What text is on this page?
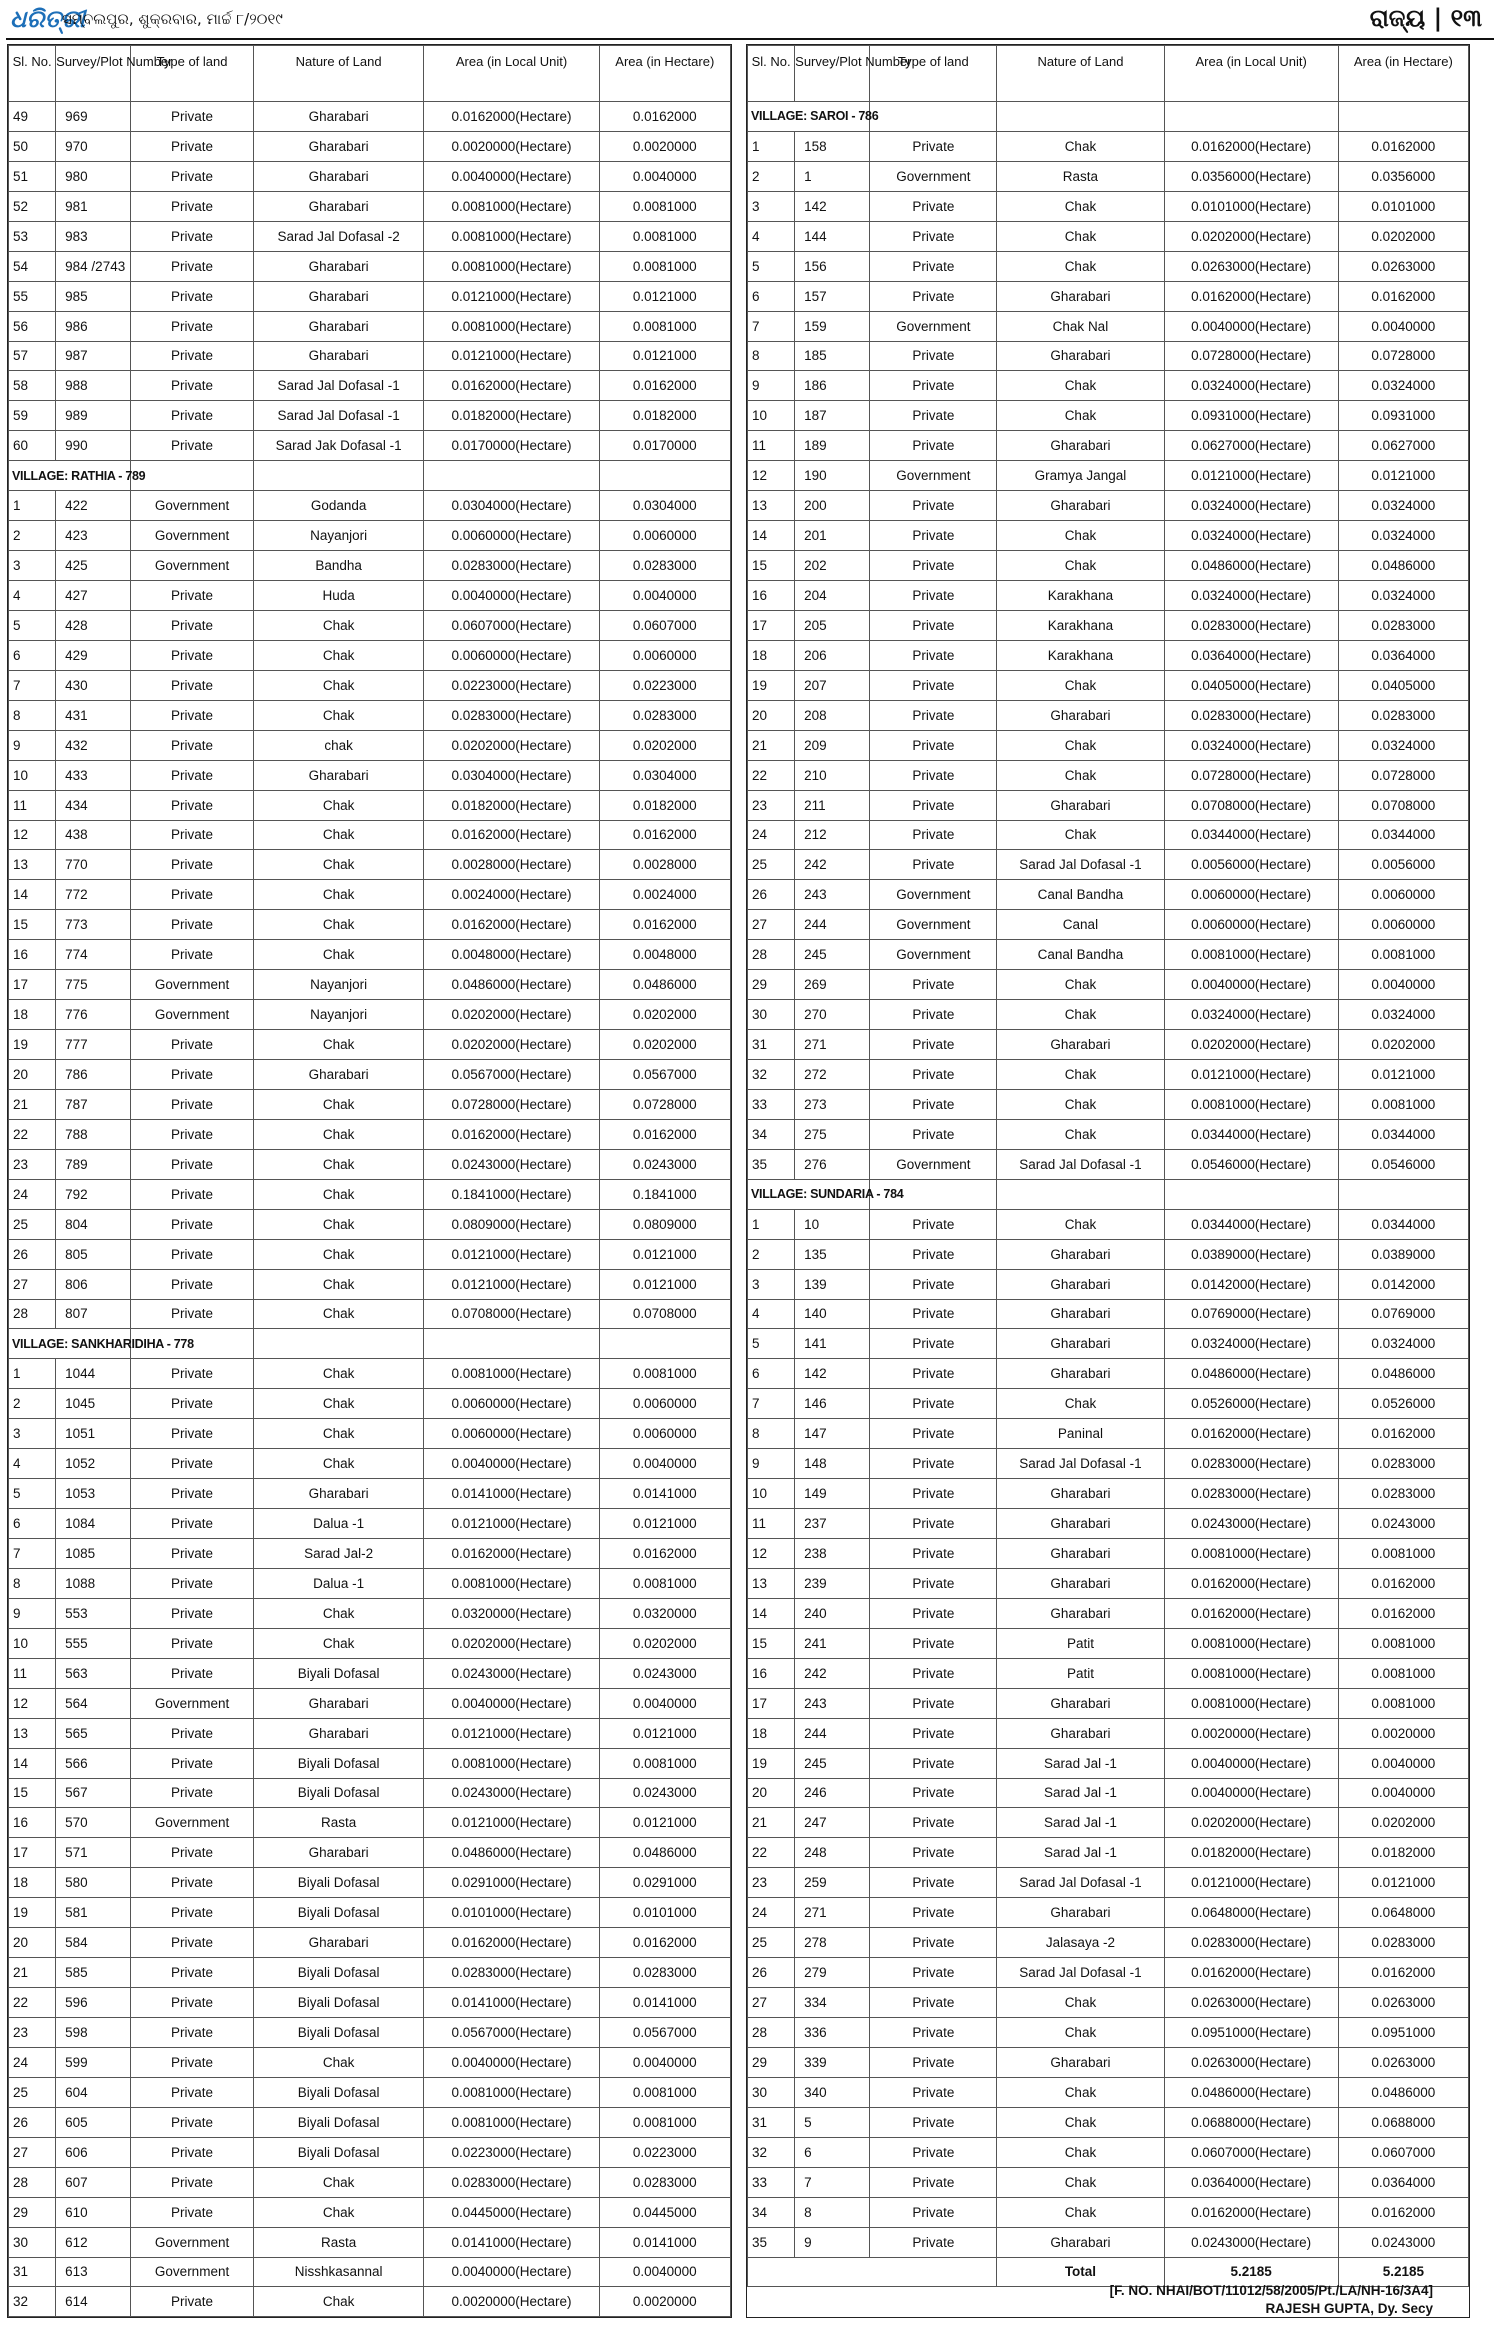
ଧରିତ୍ରୀ
ସମ୍ବଲପୁର, ଶୁକ୍ରବାର, ମାର୍ଚ୍ଚ ୮/୨୦୧୯	ରାଜ୍ୟ | ୧୩
Sl. No.	Survey/Plot Number	Type of land	Nature of Land	Area (in Local Unit)	Area (in Hectare)
49	969	Private	Gharabari	0.0162000(Hectare)	0.0162000
50	970	Private	Gharabari	0.0020000(Hectare)	0.0020000
51	980	Private	Gharabari	0.0040000(Hectare)	0.0040000
52	981	Private	Gharabari	0.0081000(Hectare)	0.0081000
53	983	Private	Sarad Jal Dofasal -2	0.0081000(Hectare)	0.0081000
54	984 /2743	Private	Gharabari	0.0081000(Hectare)	0.0081000
55	985	Private	Gharabari	0.0121000(Hectare)	0.0121000
56	986	Private	Gharabari	0.0081000(Hectare)	0.0081000
57	987	Private	Gharabari	0.0121000(Hectare)	0.0121000
58	988	Private	Sarad Jal Dofasal -1	0.0162000(Hectare)	0.0162000
59	989	Private	Sarad Jal Dofasal -1	0.0182000(Hectare)	0.0182000
60	990	Private	Sarad Jak Dofasal -1	0.0170000(Hectare)	0.0170000
VILLAGE: RATHIA - 789					
1	422	Government	Godanda	0.0304000(Hectare)	0.0304000
2	423	Government	Nayanjori	0.0060000(Hectare)	0.0060000
3	425	Government	Bandha	0.0283000(Hectare)	0.0283000
4	427	Private	Huda	0.0040000(Hectare)	0.0040000
5	428	Private	Chak	0.0607000(Hectare)	0.0607000
6	429	Private	Chak	0.0060000(Hectare)	0.0060000
7	430	Private	Chak	0.0223000(Hectare)	0.0223000
8	431	Private	Chak	0.0283000(Hectare)	0.0283000
9	432	Private	chak	0.0202000(Hectare)	0.0202000
10	433	Private	Gharabari	0.0304000(Hectare)	0.0304000
11	434	Private	Chak	0.0182000(Hectare)	0.0182000
12	438	Private	Chak	0.0162000(Hectare)	0.0162000
13	770	Private	Chak	0.0028000(Hectare)	0.0028000
14	772	Private	Chak	0.0024000(Hectare)	0.0024000
15	773	Private	Chak	0.0162000(Hectare)	0.0162000
16	774	Private	Chak	0.0048000(Hectare)	0.0048000
17	775	Government	Nayanjori	0.0486000(Hectare)	0.0486000
18	776	Government	Nayanjori	0.0202000(Hectare)	0.0202000
19	777	Private	Chak	0.0202000(Hectare)	0.0202000
20	786	Private	Gharabari	0.0567000(Hectare)	0.0567000
21	787	Private	Chak	0.0728000(Hectare)	0.0728000
22	788	Private	Chak	0.0162000(Hectare)	0.0162000
23	789	Private	Chak	0.0243000(Hectare)	0.0243000
24	792	Private	Chak	0.1841000(Hectare)	0.1841000
25	804	Private	Chak	0.0809000(Hectare)	0.0809000
26	805	Private	Chak	0.0121000(Hectare)	0.0121000
27	806	Private	Chak	0.0121000(Hectare)	0.0121000
28	807	Private	Chak	0.0708000(Hectare)	0.0708000
VILLAGE: SANKHARIDIHA - 778					
1	1044	Private	Chak	0.0081000(Hectare)	0.0081000
2	1045	Private	Chak	0.0060000(Hectare)	0.0060000
3	1051	Private	Chak	0.0060000(Hectare)	0.0060000
4	1052	Private	Chak	0.0040000(Hectare)	0.0040000
5	1053	Private	Gharabari	0.0141000(Hectare)	0.0141000
6	1084	Private	Dalua -1	0.0121000(Hectare)	0.0121000
7	1085	Private	Sarad Jal-2	0.0162000(Hectare)	0.0162000
8	1088	Private	Dalua -1	0.0081000(Hectare)	0.0081000
9	553	Private	Chak	0.0320000(Hectare)	0.0320000
10	555	Private	Chak	0.0202000(Hectare)	0.0202000
11	563	Private	Biyali Dofasal	0.0243000(Hectare)	0.0243000
12	564	Government	Gharabari	0.0040000(Hectare)	0.0040000
13	565	Private	Gharabari	0.0121000(Hectare)	0.0121000
14	566	Private	Biyali Dofasal	0.0081000(Hectare)	0.0081000
15	567	Private	Biyali Dofasal	0.0243000(Hectare)	0.0243000
16	570	Government	Rasta	0.0121000(Hectare)	0.0121000
17	571	Private	Gharabari	0.0486000(Hectare)	0.0486000
18	580	Private	Biyali Dofasal	0.0291000(Hectare)	0.0291000
19	581	Private	Biyali Dofasal	0.0101000(Hectare)	0.0101000
20	584	Private	Gharabari	0.0162000(Hectare)	0.0162000
21	585	Private	Biyali Dofasal	0.0283000(Hectare)	0.0283000
22	596	Private	Biyali Dofasal	0.0141000(Hectare)	0.0141000
23	598	Private	Biyali Dofasal	0.0567000(Hectare)	0.0567000
24	599	Private	Chak	0.0040000(Hectare)	0.0040000
25	604	Private	Biyali Dofasal	0.0081000(Hectare)	0.0081000
26	605	Private	Biyali Dofasal	0.0081000(Hectare)	0.0081000
27	606	Private	Biyali Dofasal	0.0223000(Hectare)	0.0223000
28	607	Private	Chak	0.0283000(Hectare)	0.0283000
29	610	Private	Chak	0.0445000(Hectare)	0.0445000
30	612	Government	Rasta	0.0141000(Hectare)	0.0141000
31	613	Government	Nisshkasannal	0.0040000(Hectare)	0.0040000
32	614	Private	Chak	0.0020000(Hectare)	0.0020000
Sl. No.	Survey/Plot Number	Type of land	Nature of Land	Area (in Local Unit)	Area (in Hectare)
VILLAGE: SAROI - 786					
1	158	Private	Chak	0.0162000(Hectare)	0.0162000
2	1	Government	Rasta	0.0356000(Hectare)	0.0356000
3	142	Private	Chak	0.0101000(Hectare)	0.0101000
4	144	Private	Chak	0.0202000(Hectare)	0.0202000
5	156	Private	Chak	0.0263000(Hectare)	0.0263000
6	157	Private	Gharabari	0.0162000(Hectare)	0.0162000
7	159	Government	Chak Nal	0.0040000(Hectare)	0.0040000
8	185	Private	Gharabari	0.0728000(Hectare)	0.0728000
9	186	Private	Chak	0.0324000(Hectare)	0.0324000
10	187	Private	Chak	0.0931000(Hectare)	0.0931000
11	189	Private	Gharabari	0.0627000(Hectare)	0.0627000
12	190	Government	Gramya Jangal	0.0121000(Hectare)	0.0121000
13	200	Private	Gharabari	0.0324000(Hectare)	0.0324000
14	201	Private	Chak	0.0324000(Hectare)	0.0324000
15	202	Private	Chak	0.0486000(Hectare)	0.0486000
16	204	Private	Karakhana	0.0324000(Hectare)	0.0324000
17	205	Private	Karakhana	0.0283000(Hectare)	0.0283000
18	206	Private	Karakhana	0.0364000(Hectare)	0.0364000
19	207	Private	Chak	0.0405000(Hectare)	0.0405000
20	208	Private	Gharabari	0.0283000(Hectare)	0.0283000
21	209	Private	Chak	0.0324000(Hectare)	0.0324000
22	210	Private	Chak	0.0728000(Hectare)	0.0728000
23	211	Private	Gharabari	0.0708000(Hectare)	0.0708000
24	212	Private	Chak	0.0344000(Hectare)	0.0344000
25	242	Private	Sarad Jal Dofasal -1	0.0056000(Hectare)	0.0056000
26	243	Government	Canal Bandha	0.0060000(Hectare)	0.0060000
27	244	Government	Canal	0.0060000(Hectare)	0.0060000
28	245	Government	Canal Bandha	0.0081000(Hectare)	0.0081000
29	269	Private	Chak	0.0040000(Hectare)	0.0040000
30	270	Private	Chak	0.0324000(Hectare)	0.0324000
31	271	Private	Gharabari	0.0202000(Hectare)	0.0202000
32	272	Private	Chak	0.0121000(Hectare)	0.0121000
33	273	Private	Chak	0.0081000(Hectare)	0.0081000
34	275	Private	Chak	0.0344000(Hectare)	0.0344000
35	276	Government	Sarad Jal Dofasal -1	0.0546000(Hectare)	0.0546000
VILLAGE: SUNDARIA - 784					
1	10	Private	Chak	0.0344000(Hectare)	0.0344000
2	135	Private	Gharabari	0.0389000(Hectare)	0.0389000
3	139	Private	Gharabari	0.0142000(Hectare)	0.0142000
4	140	Private	Gharabari	0.0769000(Hectare)	0.0769000
5	141	Private	Gharabari	0.0324000(Hectare)	0.0324000
6	142	Private	Gharabari	0.0486000(Hectare)	0.0486000
7	146	Private	Chak	0.0526000(Hectare)	0.0526000
8	147	Private	Paninal	0.0162000(Hectare)	0.0162000
9	148	Private	Sarad Jal Dofasal -1	0.0283000(Hectare)	0.0283000
10	149	Private	Gharabari	0.0283000(Hectare)	0.0283000
11	237	Private	Gharabari	0.0243000(Hectare)	0.0243000
12	238	Private	Gharabari	0.0081000(Hectare)	0.0081000
13	239	Private	Gharabari	0.0162000(Hectare)	0.0162000
14	240	Private	Gharabari	0.0162000(Hectare)	0.0162000
15	241	Private	Patit	0.0081000(Hectare)	0.0081000
16	242	Private	Patit	0.0081000(Hectare)	0.0081000
17	243	Private	Gharabari	0.0081000(Hectare)	0.0081000
18	244	Private	Gharabari	0.0020000(Hectare)	0.0020000
19	245	Private	Sarad Jal -1	0.0040000(Hectare)	0.0040000
20	246	Private	Sarad Jal -1	0.0040000(Hectare)	0.0040000
21	247	Private	Sarad Jal -1	0.0202000(Hectare)	0.0202000
22	248	Private	Sarad Jal -1	0.0182000(Hectare)	0.0182000
23	259	Private	Sarad Jal Dofasal -1	0.0121000(Hectare)	0.0121000
24	271	Private	Gharabari	0.0648000(Hectare)	0.0648000
25	278	Private	Jalasaya -2	0.0283000(Hectare)	0.0283000
26	279	Private	Sarad Jal Dofasal -1	0.0162000(Hectare)	0.0162000
27	334	Private	Chak	0.0263000(Hectare)	0.0263000
28	336	Private	Chak	0.0951000(Hectare)	0.0951000
29	339	Private	Gharabari	0.0263000(Hectare)	0.0263000
30	340	Private	Chak	0.0486000(Hectare)	0.0486000
31	5	Private	Chak	0.0688000(Hectare)	0.0688000
32	6	Private	Chak	0.0607000(Hectare)	0.0607000
33	7	Private	Chak	0.0364000(Hectare)	0.0364000
34	8	Private	Chak	0.0162000(Hectare)	0.0162000
35	9	Private	Gharabari	0.0243000(Hectare)	0.0243000
			Total	5.2185	5.2185
[F. NO. NHAI/BOT/11012/58/2005/Pt./LA/NH-16/3A4]
RAJESH GUPTA, Dy. Secy
